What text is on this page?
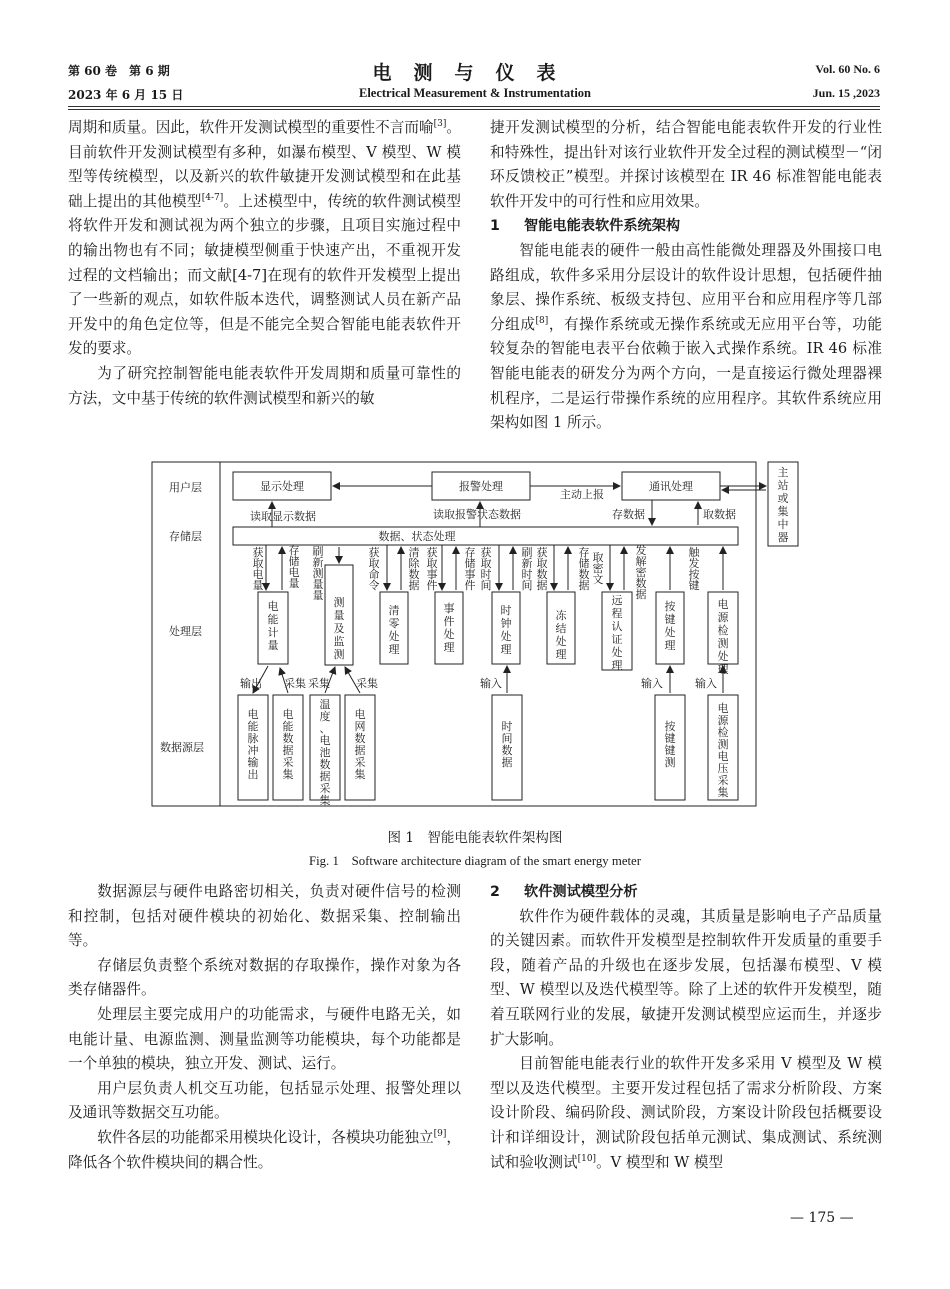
第 60 卷　第 6 期
2023 年 6 月 15 日
电测与仪表
Electrical Measurement & Instrumentation
Vol. 60 No. 6
Jun. 15 ,2023

周期和质量。因此，软件开发测试模型的重要性不言而喻[3]。目前软件开发测试模型有多种，如瀑布模型、V 模型、W 模型等传统模型，以及新兴的软件敏捷开发测试模型和在此基础上提出的其他模型[4-7]。上述模型中，传统的软件测试模型将软件开发和测试视为两个独立的步骤，且项目实施过程中的输出物也有不同；敏捷模型侧重于快速产出，不重视开发过程的文档输出；而文献[4-7]在现有的软件开发模型上提出了一些新的观点，如软件版本迭代，调整测试人员在新产品开发中的角色定位等，但是不能完全契合智能电能表软件开发的要求。

为了研究控制智能电能表软件开发周期和质量可靠性的方法，文中基于传统的软件测试模型和新兴的敏

捷开发测试模型的分析，结合智能电能表软件开发的行业性和特殊性，提出针对该行业软件开发全过程的测试模型－“闭环反馈校正”模型。并探讨该模型在 IR 46 标准智能电能表软件开发中的可行性和应用效果。

1 智能电能表软件系统架构

智能电能表的硬件一般由高性能微处理器及外围接口电路组成，软件多采用分层设计的软件设计思想，包括硬件抽象层、操作系统、板级支持包、应用平台和应用程序等几部分组成[8]，有操作系统或无操作系统或无应用平台等，功能较复杂的智能电表平台依赖于嵌入式操作系统。IR 46 标准智能电能表的研发分为两个方向，一是直接运行微处理器裸机程序，二是运行带操作系统的应用程序。其软件系统应用架构如图 1 所示。

用户层
存储层
处理层
数据源层
显示处理	报警处理	通讯处理
数据、状态处理
读取显示数据	读取报警状态数据
主动上报
存数据	取数据
输出 采集 采集 采集	输入	输入	输入
主站或集中器
获取电量
存储电量
刷新测量量
获取命令
清除数据
获取事件
存储事件
获取时间
刷新时间
获取数据
存储数据
取密文
发解密数据
触发按键
电能计量
测量及监测
清零处理
事件处理
时钟处理
冻结处理
远程认证处理
按键处理
电源检测处理
电能脉冲输出
电能数据采集
温度、电池数据采集
电网数据采集
时间数据
按键键测
电源检测电压采集
图 1　智能电能表软件架构图
Fig. 1　Software architecture diagram of the smart energy meter

数据源层与硬件电路密切相关，负责对硬件信号的检测和控制，包括对硬件模块的初始化、数据采集、控制输出等。

存储层负责整个系统对数据的存取操作，操作对象为各类存储器件。

处理层主要完成用户的功能需求，与硬件电路无关，如电能计量、电源监测、测量监测等功能模块，每个功能都是一个单独的模块，独立开发、测试、运行。

用户层负责人机交互功能，包括显示处理、报警处理以及通讯等数据交互功能。

软件各层的功能都采用模块化设计，各模块功能独立[9]，降低各个软件模块间的耦合性。

2 软件测试模型分析

软件作为硬件载体的灵魂，其质量是影响电子产品质量的关键因素。而软件开发模型是控制软件开发质量的重要手段，随着产品的升级也在逐步发展，包括瀑布模型、V 模型、W 模型以及迭代模型等。除了上述的软件开发模型，随着互联网行业的发展，敏捷开发测试模型应运而生，并逐步扩大影响。

目前智能电能表行业的软件开发多采用 V 模型及 W 模型以及迭代模型。主要开发过程包括了需求分析阶段、方案设计阶段、编码阶段、测试阶段，方案设计阶段包括概要设计和详细设计，测试阶段包括单元测试、集成测试、系统测试和验收测试[10]。V 模型和 W 模型

— 175 —
